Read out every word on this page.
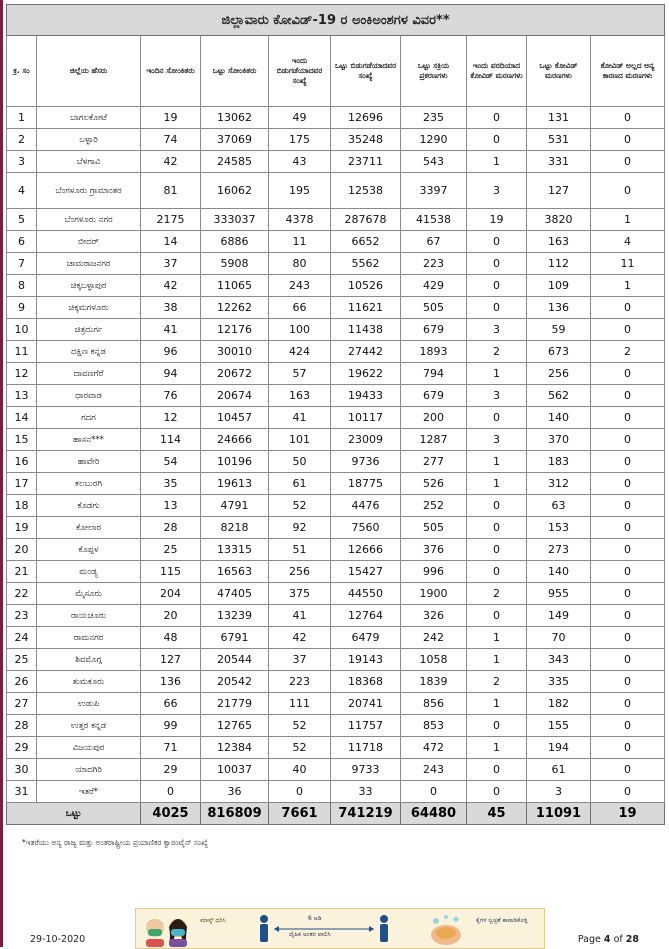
ಜಿಲ್ಲಾವಾರು ಕೋವಿಡ್-19 ರ ಅಂಕಿಅಂಶಗಳ ವಿವರ**									
ಕ್ರ. ಸಂ	ಜಿಲ್ಲೆಯ ಹೆಸರು	ಇಂದಿನ ಸೋಂಕಿತರು	ಒಟ್ಟು ಸೋಂಕಿತರು	ಇಂದು ಬಿಡುಗಡೆಯಾದವರ ಸಂಖ್ಯೆ	ಒಟ್ಟು ಬಿಡುಗಡೆಯಾದವರ ಸಂಖ್ಯೆ	ಒಟ್ಟು ಸಕ್ರಿಯ ಪ್ರಕರಣಗಳು	ಇಂದು ವರದಿಯಾದ ಕೋವಿಡ್ ಮರಣಗಳು	ಒಟ್ಟು ಕೋವಿಡ್ ಮರಣಗಳು	ಕೋವಿಡ್ ಅಲ್ಲದ ಅನ್ಯ ಕಾರಣದ ಮರಣಗಳು
1	ಬಾಗಲಕೋಟೆ	19	13062	49	12696	235	0	131	0
2	ಬಳ್ಳಾರಿ	74	37069	175	35248	1290	0	531	0
3	ಬೆಳಗಾವಿ	42	24585	43	23711	543	1	331	0
4	ಬೆಂಗಳೂರು ಗ್ರಾಮಾಂತರ	81	16062	195	12538	3397	3	127	0
5	ಬೆಂಗಳೂರು ನಗರ	2175	333037	4378	287678	41538	19	3820	1
6	ಬೀದರ್	14	6886	11	6652	67	0	163	4
7	ಚಾಮರಾಜನಗರ	37	5908	80	5562	223	0	112	11
8	ಚಿಕ್ಕಬಳ್ಳಾಪುರ	42	11065	243	10526	429	0	109	1
9	ಚಿಕ್ಕಮಗಳೂರು	38	12262	66	11621	505	0	136	0
10	ಚಿತ್ರದುರ್ಗ	41	12176	100	11438	679	3	59	0
11	ದಕ್ಷಿಣ ಕನ್ನಡ	96	30010	424	27442	1893	2	673	2
12	ದಾವಣಗೆರೆ	94	20672	57	19622	794	1	256	0
13	ಧಾರವಾಡ	76	20674	163	19433	679	3	562	0
14	ಗದಗ	12	10457	41	10117	200	0	140	0
15	ಹಾಸನ***	114	24666	101	23009	1287	3	370	0
16	ಹಾವೇರಿ	54	10196	50	9736	277	1	183	0
17	ಕಲಬುರಗಿ	35	19613	61	18775	526	1	312	0
18	ಕೊಡಗು	13	4791	52	4476	252	0	63	0
19	ಕೋಲಾರ	28	8218	92	7560	505	0	153	0
20	ಕೊಪ್ಪಳ	25	13315	51	12666	376	0	273	0
21	ಮಂಡ್ಯ	115	16563	256	15427	996	0	140	0
22	ಮೈಸೂರು	204	47405	375	44550	1900	2	955	0
23	ರಾಯಚೂರು	20	13239	41	12764	326	0	149	0
24	ರಾಮನಗರ	48	6791	42	6479	242	1	70	0
25	ಶಿವಮೊಗ್ಗ	127	20544	37	19143	1058	1	343	0
26	ತುಮಕೂರು	136	20542	223	18368	1839	2	335	0
27	ಉಡುಪಿ	66	21779	111	20741	856	1	182	0
28	ಉತ್ತರ ಕನ್ನಡ	99	12765	52	11757	853	0	155	0
29	ವಿಜಯಪುರ	71	12384	52	11718	472	1	194	0
30	ಯಾದಗಿರಿ	29	10037	40	9733	243	0	61	0
31	ಇತರೆ*	0	36	0	33	0	0	3	0
ಒಟ್ಟು		4025	816809	7661	741219	64480	45	11091	19
*ಇತರೆಯು ಅನ್ಯ ರಾಜ್ಯ ಮತ್ತು ಅಂತರಾಷ್ಟ್ರೀಯ ಪ್ರಯಾಣಿಕರ ಕ್ವಾರಂಟೈನ್ ಸಂಖ್ಯೆ
ಮಾಸ್ಕ್ ಧರಿಸಿ	6 ಅಡಿ
ದೈಹಿಕ ಅಂತರ ಪಾಲಿಸಿ
ಕೈಗಳ ಸ್ವಚ್ಛತೆ ಕಾಪಾಡಿಕೊಳ್ಳಿ
29-10-2020	Page 4 of 28
